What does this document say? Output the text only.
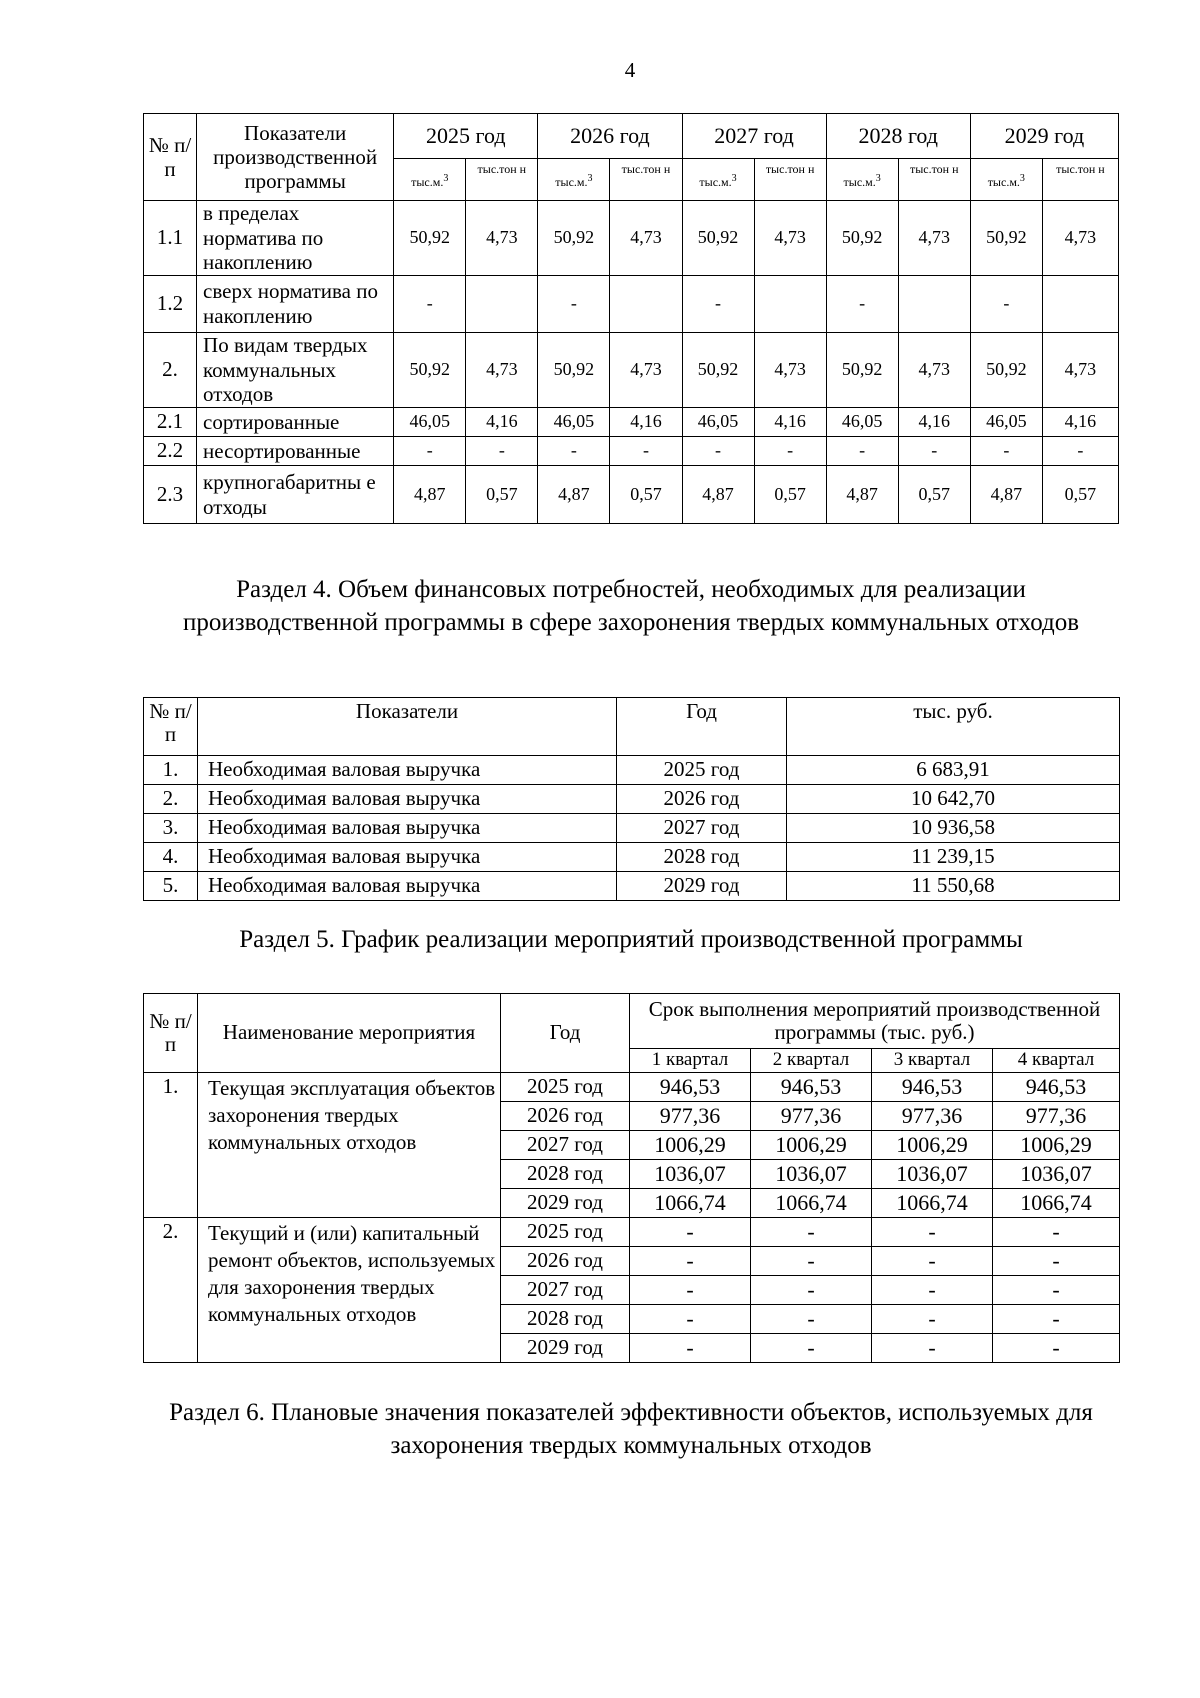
4
№ п/ п	Показатели производственной программы	2025 год		2026 год		2027 год		2028 год		2029 год	
		тыс.м.$^3$	тыс.тон н	тыс.м.$^3$	тыс.тон н	тыс.м.$^3$	тыс.тон н	тыс.м.$^3$	тыс.тон н	тыс.м.$^3$	тыс.тон н
1.1	в пределах норматива по накоплению	50,92	4,73	50,92	4,73	50,92	4,73	50,92	4,73	50,92	4,73
1.2	сверх норматива по накоплению	-		-		-		-		-	
2.	По видам твердых коммунальных отходов	50,92	4,73	50,92	4,73	50,92	4,73	50,92	4,73	50,92	4,73
2.1	сортированные	46,05	4,16	46,05	4,16	46,05	4,16	46,05	4,16	46,05	4,16
2.2	несортированные	-	-	-	-	-	-	-	-	-	-
2.3	крупногабаритны е отходы	4,87	0,57	4,87	0,57	4,87	0,57	4,87	0,57	4,87	0,57
Раздел 4. Объем финансовых потребностей, необходимых для реализации производственной программы в сфере захоронения твердых коммунальных отходов
№ п/п	Показатели	Год	тыс. руб.
1.	Необходимая валовая выручка	2025 год	6 683,91
2.	Необходимая валовая выручка	2026 год	10 642,70
3.	Необходимая валовая выручка	2027 год	10 936,58
4.	Необходимая валовая выручка	2028 год	11 239,15
5.	Необходимая валовая выручка	2029 год	11 550,68
Раздел 5. График реализации мероприятий производственной программы
№ п/п	Наименование мероприятия	Год	Срок выполнения мероприятий производственной программы (тыс. руб.)			
			1 квартал	2 квартал	3 квартал	4 квартал
1.	Текущая эксплуатация объектов захоронения твердых коммунальных отходов	2025 год	946,53	946,53	946,53	946,53
		2026 год	977,36	977,36	977,36	977,36
		2027 год	1006,29	1006,29	1006,29	1006,29
		2028 год	1036,07	1036,07	1036,07	1036,07
		2029 год	1066,74	1066,74	1066,74	1066,74
2.	Текущий и (или) капитальный ремонт объектов, используемых для захоронения твердых коммунальных отходов	2025 год	-	-	-	-
		2026 год	-	-	-	-
		2027 год	-	-	-	-
		2028 год	-	-	-	-
		2029 год	-	-	-	-
Раздел 6. Плановые значения показателей эффективности объектов, используемых для захоронения твердых коммунальных отходов
